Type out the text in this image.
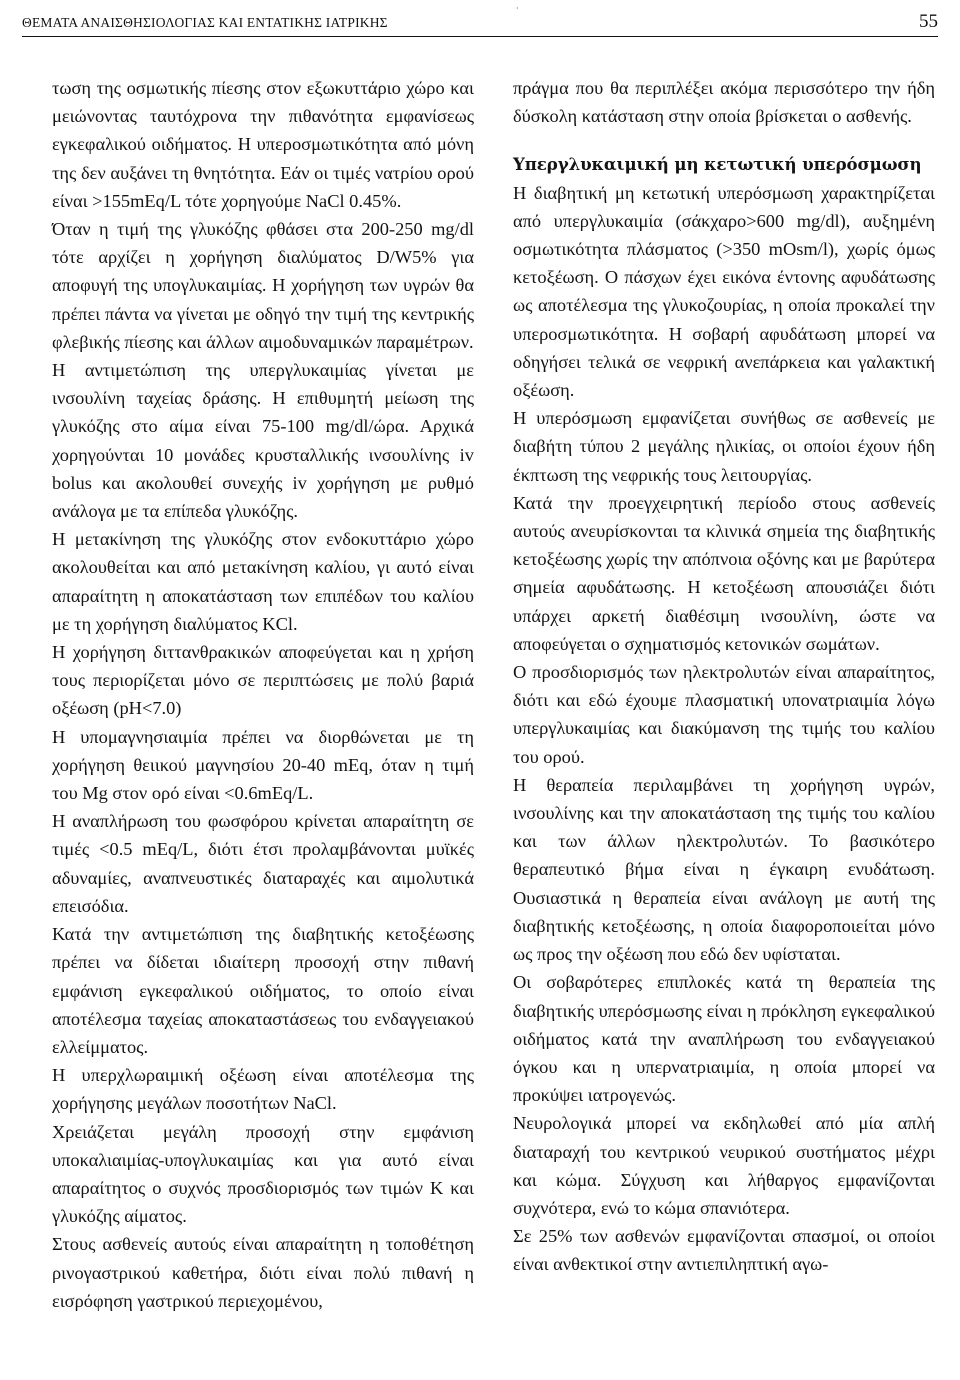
·
ΘΕΜΑΤΑ ΑΝΑΙΣΘΗΣΙΟΛΟΓΙΑΣ ΚΑΙ ΕΝΤΑΤΙΚΗΣ ΙΑΤΡΙΚΗΣ	55

τωση της οσμωτικής πίεσης στον εξωκυττάριο χώρο και μειώνοντας ταυτόχρονα την πιθανότητα εμφανίσεως εγκεφαλικού οιδήματος. Η υπεροσμωτικότητα από μόνη της δεν αυξάνει τη θνητότητα. Εάν οι τιμές νατρίου ορού είναι >155mEq/L τότε χορηγούμε NaCl 0.45%.

Όταν η τιμή της γλυκόζης φθάσει στα 200-250 mg/dl τότε αρχίζει η χορήγηση διαλύματος D/W5% για αποφυγή της υπογλυκαιμίας. Η χορήγηση των υγρών θα πρέπει πάντα να γίνεται με οδηγό την τιμή της κεντρικής φλεβικής πίεσης και άλλων αιμοδυναμικών παραμέτρων.

Η αντιμετώπιση της υπεργλυκαιμίας γίνεται με ινσουλίνη ταχείας δράσης. Η επιθυμητή μείωση της γλυκόζης στο αίμα είναι 75-100 mg/dl/ώρα. Αρχικά χορηγούνται 10 μονάδες κρυσταλλικής ινσουλίνης iv bolus και ακολουθεί συνεχής iv χορήγηση με ρυθμό ανάλογα με τα επίπεδα γλυκόζης.

Η μετακίνηση της γλυκόζης στον ενδοκυττάριο χώρο ακολουθείται και από μετακίνηση καλίου, γι αυτό είναι απαραίτητη η αποκατάσταση των επιπέδων του καλίου με τη χορήγηση διαλύματος KCl.

Η χορήγηση διττανθρακικών αποφεύγεται και η χρήση τους περιορίζεται μόνο σε περιπτώσεις με πολύ βαριά οξέωση (pH<7.0)

Η υπομαγνησιαιμία πρέπει να διορθώνεται με τη χορήγηση θειικού μαγνησίου 20-40 mEq, όταν η τιμή του Mg στον ορό είναι <0.6mEq/L.

Η αναπλήρωση του φωσφόρου κρίνεται απαραίτητη σε τιμές <0.5 mEq/L, διότι έτσι προλαμβάνονται μυϊκές αδυναμίες, αναπνευστικές διαταραχές και αιμολυτικά επεισόδια.

Κατά την αντιμετώπιση της διαβητικής κετοξέωσης πρέπει να δίδεται ιδιαίτερη προσοχή στην πιθανή εμφάνιση εγκεφαλικού οιδήματος, το οποίο είναι αποτέλεσμα ταχείας αποκαταστάσεως του ενδαγγειακού ελλείμματος.

Η υπερχλωραιμική οξέωση είναι αποτέλεσμα της χορήγησης μεγάλων ποσοτήτων NaCl.

Χρειάζεται μεγάλη προσοχή στην εμφάνιση υποκαλιαιμίας-υπογλυκαιμίας και για αυτό είναι απαραίτητος ο συχνός προσδιορισμός των τιμών K και γλυκόζης αίματος.

Στους ασθενείς αυτούς είναι απαραίτητη η τοποθέτηση ρινογαστρικού καθετήρα, διότι είναι πολύ πιθανή η εισρόφηση γαστρικού περιεχομένου,

πράγμα που θα περιπλέξει ακόμα περισσότερο την ήδη δύσκολη κατάσταση στην οποία βρίσκεται ο ασθενής.

Υπεργλυκαιμική μη κετωτική υπερόσμωση

Η διαβητική μη κετωτική υπερόσμωση χαρακτηρίζεται από υπεργλυκαιμία (σάκχαρο>600 mg/dl), αυξημένη οσμωτικότητα πλάσματος (>350 mOsm/l), χωρίς όμως κετοξέωση. Ο πάσχων έχει εικόνα έντονης αφυδάτωσης ως αποτέλεσμα της γλυκοζουρίας, η οποία προκαλεί την υπεροσμωτικότητα. Η σοβαρή αφυδάτωση μπορεί να οδηγήσει τελικά σε νεφρική ανεπάρκεια και γαλακτική οξέωση.

Η υπερόσμωση εμφανίζεται συνήθως σε ασθενείς με διαβήτη τύπου 2 μεγάλης ηλικίας, οι οποίοι έχουν ήδη έκπτωση της νεφρικής τους λειτουργίας.

Κατά την προεγχειρητική περίοδο στους ασθενείς αυτούς ανευρίσκονται τα κλινικά σημεία της διαβητικής κετοξέωσης χωρίς την απόπνοια οξόνης και με βαρύτερα σημεία αφυδάτωσης. Η κετοξέωση απουσιάζει διότι υπάρχει αρκετή διαθέσιμη ινσουλίνη, ώστε να αποφεύγεται ο σχηματισμός κετονικών σωμάτων.

Ο προσδιορισμός των ηλεκτρολυτών είναι απαραίτητος, διότι και εδώ έχουμε πλασματική υπονατριαιμία λόγω υπεργλυκαιμίας και διακύμανση της τιμής του καλίου του ορού.

Η θεραπεία περιλαμβάνει τη χορήγηση υγρών, ινσουλίνης και την αποκατάσταση της τιμής του καλίου και των άλλων ηλεκτρολυτών. Το βασικότερο θεραπευτικό βήμα είναι η έγκαιρη ενυδάτωση. Ουσιαστικά η θεραπεία είναι ανάλογη με αυτή της διαβητικής κετοξέωσης, η οποία διαφοροποιείται μόνο ως προς την οξέωση που εδώ δεν υφίσταται.

Οι σοβαρότερες επιπλοκές κατά τη θεραπεία της διαβητικής υπερόσμωσης είναι η πρόκληση εγκεφαλικού οιδήματος κατά την αναπλήρωση του ενδαγγειακού όγκου και η υπερνατριαιμία, η οποία μπορεί να προκύψει ιατρογενώς.

Νευρολογικά μπορεί να εκδηλωθεί από μία απλή διαταραχή του κεντρικού νευρικού συστήματος μέχρι και κώμα. Σύγχυση και λήθαργος εμφανίζονται συχνότερα, ενώ το κώμα σπανιότερα.

Σε 25% των ασθενών εμφανίζονται σπασμοί, οι οποίοι είναι ανθεκτικοί στην αντιεπιληπτική αγω-
